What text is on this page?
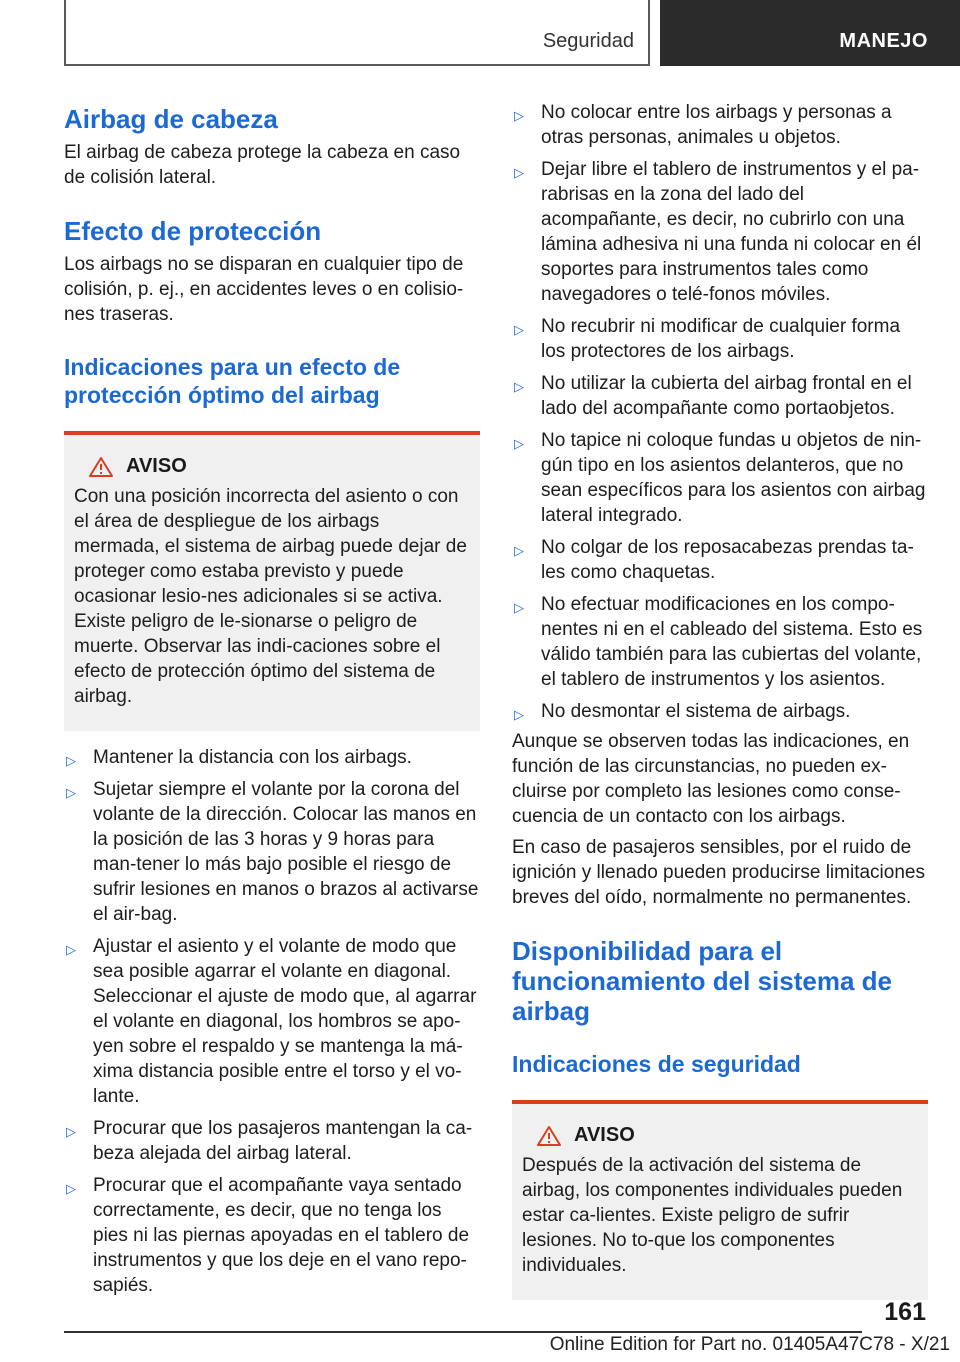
Seguridad	MANEJO
Airbag de cabeza
El airbag de cabeza protege la cabeza en caso de colisión lateral.
Efecto de protección
Los airbags no se disparan en cualquier tipo de colisión, p. ej., en accidentes leves o en colisio-nes traseras.
Indicaciones para un efecto de protección óptimo del airbag
AVISO
Con una posición incorrecta del asiento o con el área de despliegue de los airbags mermada, el sistema de airbag puede dejar de proteger como estaba previsto y puede ocasionar lesio-nes adicionales si se activa. Existe peligro de le-sionarse o peligro de muerte. Observar las indi-caciones sobre el efecto de protección óptimo del sistema de airbag.
▷ Mantener la distancia con los airbags.
▷ Sujetar siempre el volante por la corona del volante de la dirección. Colocar las manos en la posición de las 3 horas y 9 horas para man-tener lo más bajo posible el riesgo de sufrir lesiones en manos o brazos al activarse el air-bag.
▷ Ajustar el asiento y el volante de modo que sea posible agarrar el volante en diagonal. Seleccionar el ajuste de modo que, al agarrar el volante en diagonal, los hombros se apo-yen sobre el respaldo y se mantenga la má-xima distancia posible entre el torso y el vo-lante.
▷ Procurar que los pasajeros mantengan la ca-beza alejada del airbag lateral.
▷ Procurar que el acompañante vaya sentado correctamente, es decir, que no tenga los pies ni las piernas apoyadas en el tablero de instrumentos y que los deje en el vano repo-sapiés.
▷ No colocar entre los airbags y personas a otras personas, animales u objetos.
▷ Dejar libre el tablero de instrumentos y el pa-rabrisas en la zona del lado del acompañante, es decir, no cubrirlo con una lámina adhesiva ni una funda ni colocar en él soportes para instrumentos tales como navegadores o telé-fonos móviles.
▷ No recubrir ni modificar de cualquier forma los protectores de los airbags.
▷ No utilizar la cubierta del airbag frontal en el lado del acompañante como portaobjetos.
▷ No tapice ni coloque fundas u objetos de nin-gún tipo en los asientos delanteros, que no sean específicos para los asientos con airbag lateral integrado.
▷ No colgar de los reposacabezas prendas ta-les como chaquetas.
▷ No efectuar modificaciones en los compo-nentes ni en el cableado del sistema. Esto es válido también para las cubiertas del volante, el tablero de instrumentos y los asientos.
▷ No desmontar el sistema de airbags.
Aunque se observen todas las indicaciones, en función de las circunstancias, no pueden ex-cluirse por completo las lesiones como conse-cuencia de un contacto con los airbags.
En caso de pasajeros sensibles, por el ruido de ignición y llenado pueden producirse limitaciones breves del oído, normalmente no permanentes.
Disponibilidad para el funcionamiento del sistema de airbag
Indicaciones de seguridad
AVISO
Después de la activación del sistema de airbag, los componentes individuales pueden estar ca-lientes. Existe peligro de sufrir lesiones. No to-que los componentes individuales.
161
Online Edition for Part no. 01405A47C78 - X/21
